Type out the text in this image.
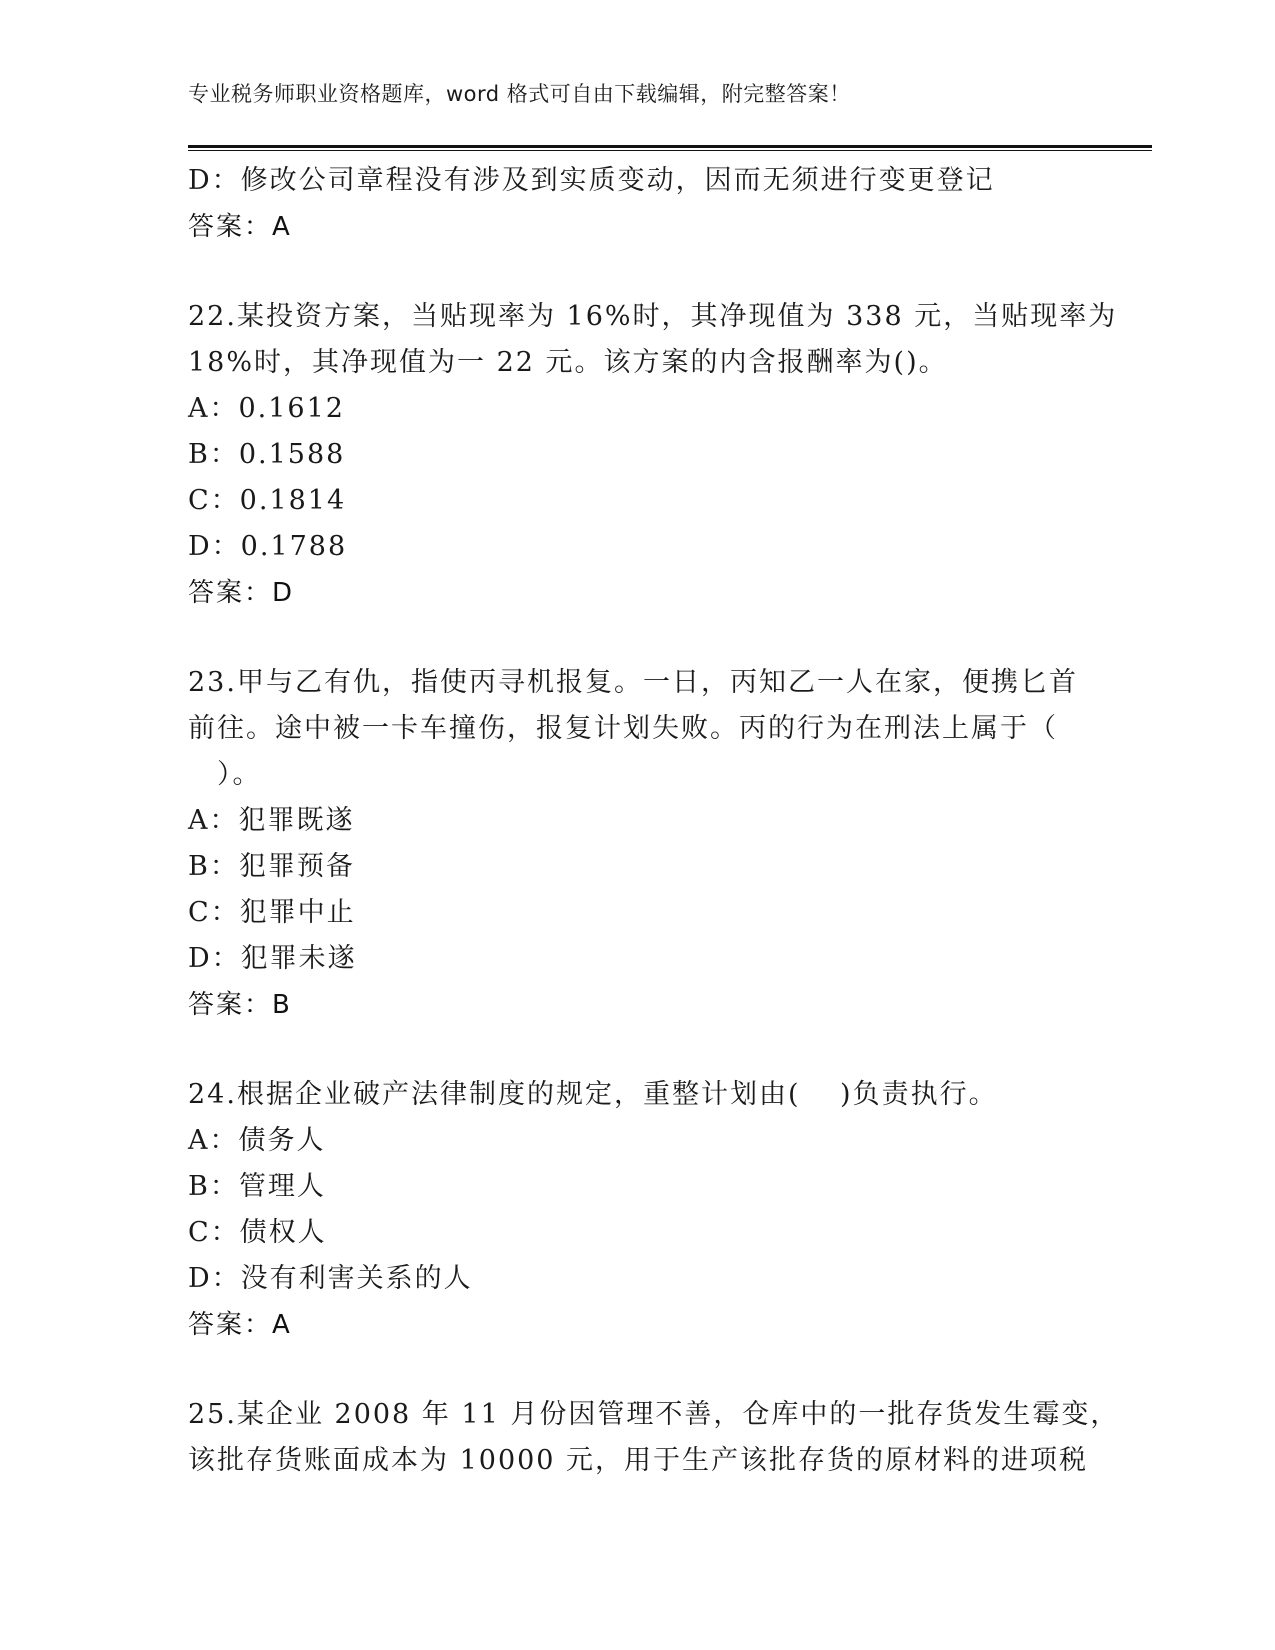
专业税务师职业资格题库，word 格式可自由下载编辑，附完整答案！
D：修改公司章程没有涉及到实质变动，因而无须进行变更登记
答案：A
22.某投资方案，当贴现率为 16%时，其净现值为 338 元，当贴现率为
18%时，其净现值为一 22 元。该方案的内含报酬率为()。
A：0.1612
B：0.1588
C：0.1814
D：0.1788
答案：D
23.甲与乙有仇，指使丙寻机报复。一日，丙知乙一人在家，便携匕首
前往。途中被一卡车撞伤，报复计划失败。丙的行为在刑法上属于（
　）。
A：犯罪既遂
B：犯罪预备
C：犯罪中止
D：犯罪未遂
答案：B
24.根据企业破产法律制度的规定，重整计划由(　 )负责执行。
A：债务人
B：管理人
C：债权人
D：没有利害关系的人
答案：A
25.某企业 2008 年 11 月份因管理不善，仓库中的一批存货发生霉变，
该批存货账面成本为 10000 元，用于生产该批存货的原材料的进项税
